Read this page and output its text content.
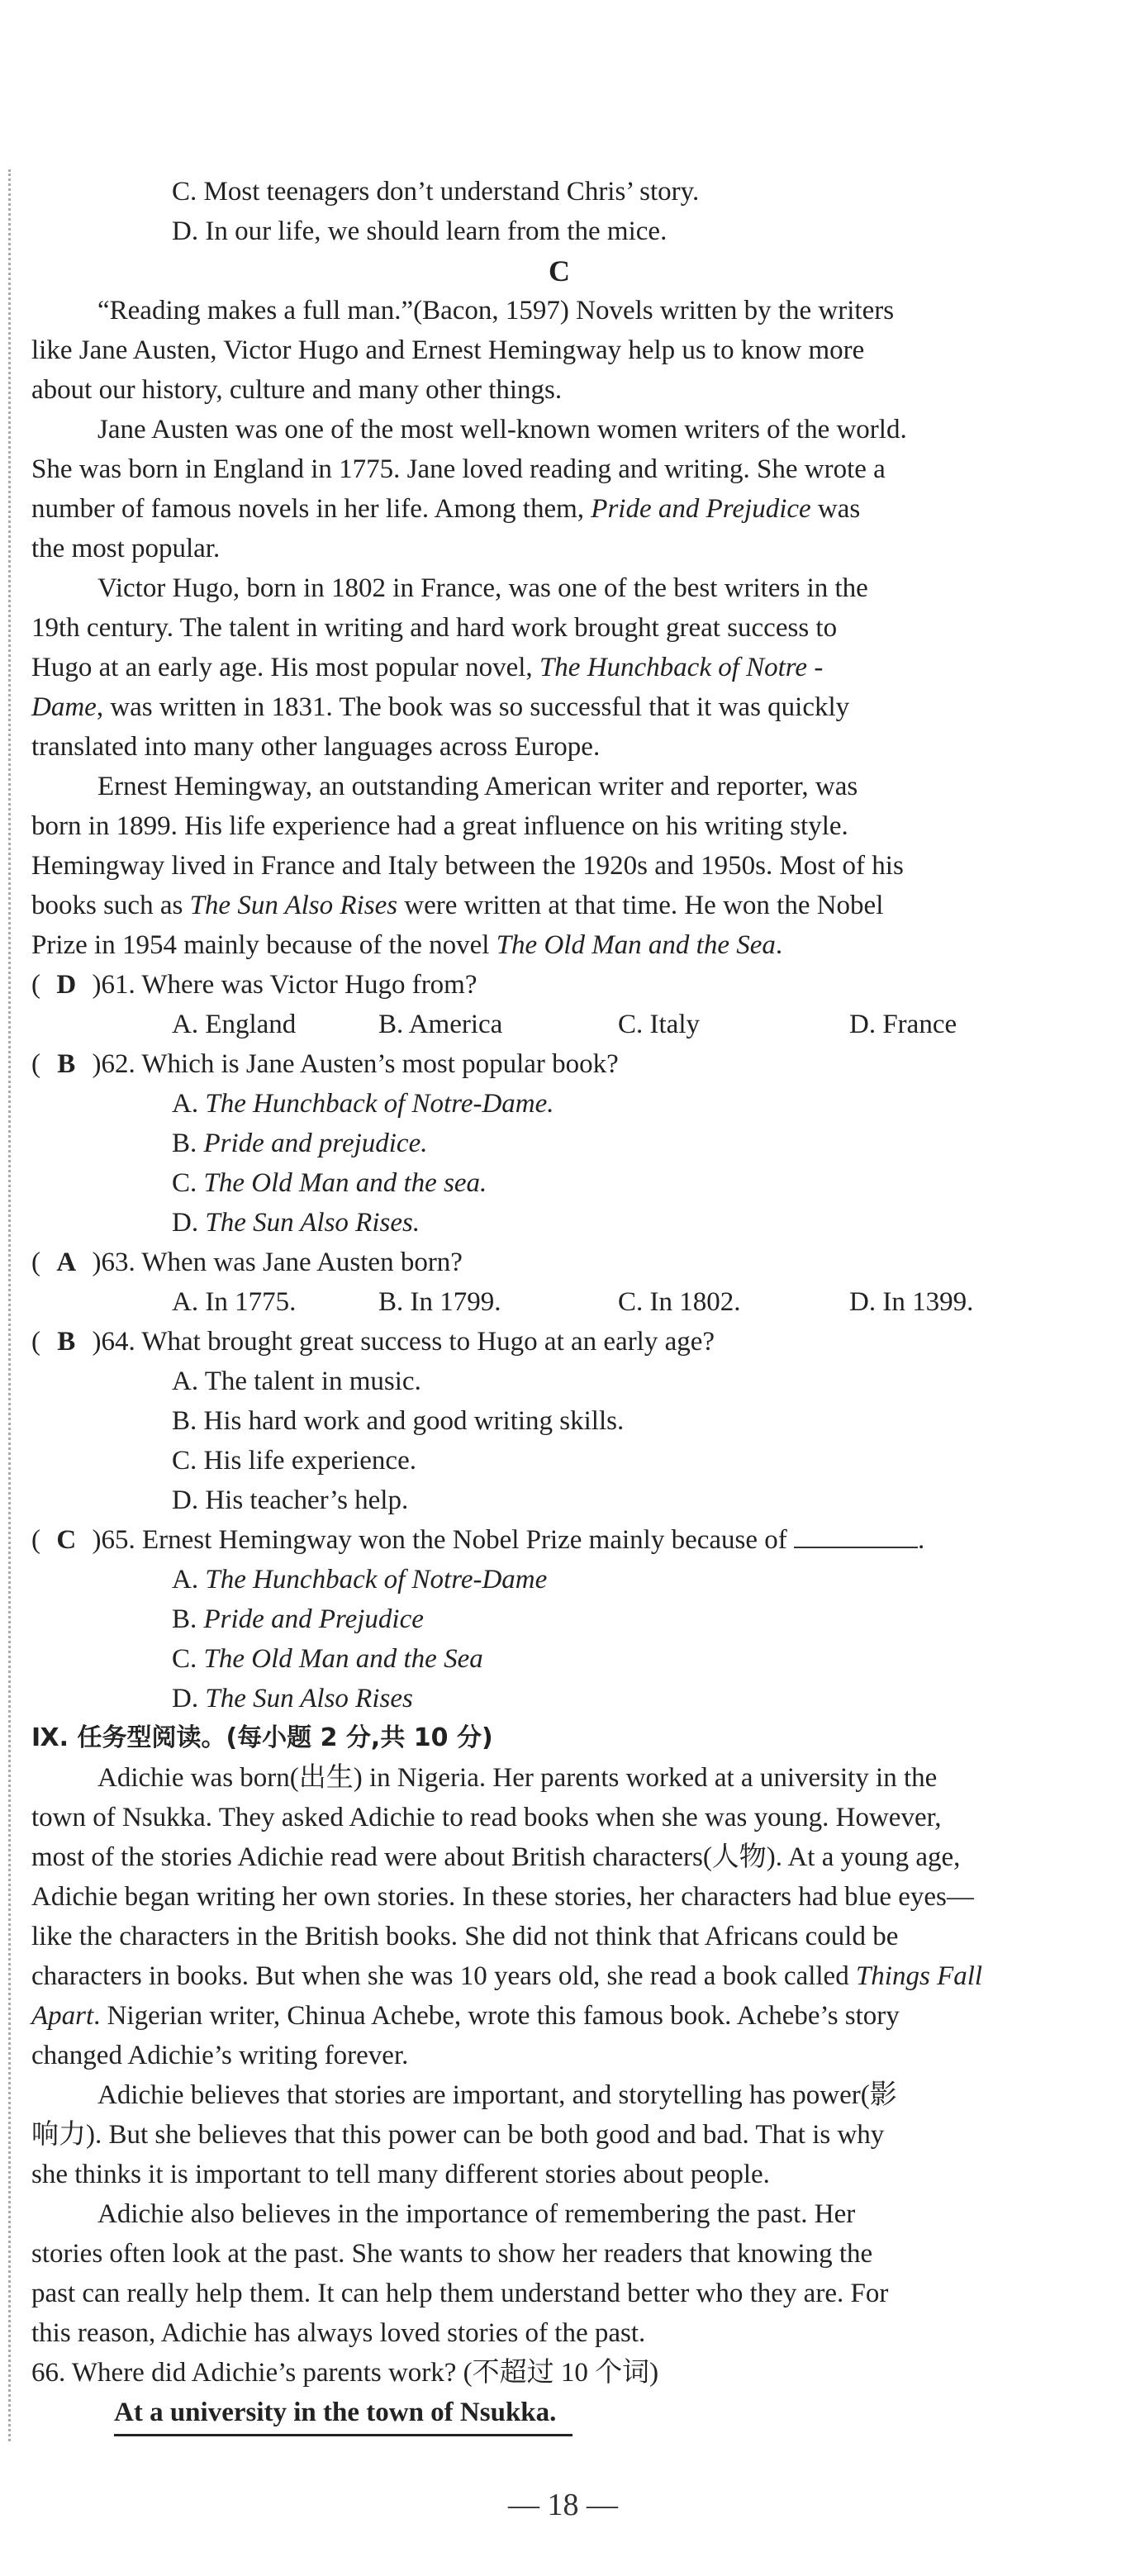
C. Most teenagers don’t understand Chris’ story.
D. In our life, we should learn from the mice.
C
“Reading makes a full man.”(Bacon, 1597) Novels written by the writers
like Jane Austen, Victor Hugo and Ernest Hemingway help us to know more
about our history, culture and many other things.
Jane Austen was one of the most well-known women writers of the world.
She was born in England in 1775. Jane loved reading and writing. She wrote a
number of famous novels in her life. Among them, Pride and Prejudice was
the most popular.
Victor Hugo, born in 1802 in France, was one of the best writers in the
19th century. The talent in writing and hard work brought great success to
Hugo at an early age. His most popular novel, The Hunchback of Notre -
Dame, was written in 1831. The book was so successful that it was quickly
translated into many other languages across Europe.
Ernest Hemingway, an outstanding American writer and reporter, was
born in 1899. His life experience had a great influence on his writing style.
Hemingway lived in France and Italy between the 1920s and 1950s. Most of his
books such as The Sun Also Rises were written at that time. He won the Nobel
Prize in 1954 mainly because of the novel The Old Man and the Sea.
( D )61. Where was Victor Hugo from?
A. England	B. America	C. Italy	D. France
( B )62. Which is Jane Austen’s most popular book?
A. The Hunchback of Notre-Dame.
B. Pride and prejudice.
C. The Old Man and the sea.
D. The Sun Also Rises.
( A )63. When was Jane Austen born?
A. In 1775.	B. In 1799.	C. In 1802.	D. In 1399.
( B )64. What brought great success to Hugo at an early age?
A. The talent in music.
B. His hard work and good writing skills.
C. His life experience.
D. His teacher’s help.
( C )65. Ernest Hemingway won the Nobel Prize mainly because of	.
A. The Hunchback of Notre-Dame
B. Pride and Prejudice
C. The Old Man and the Sea
D. The Sun Also Rises
Ⅸ. 任务型阅读。(每小题 2 分,共 10 分)
Adichie was born(出生) in Nigeria. Her parents worked at a university in the
town of Nsukka. They asked Adichie to read books when she was young. However,
most of the stories Adichie read were about British characters(人物). At a young age,
Adichie began writing her own stories. In these stories, her characters had blue eyes—
like the characters in the British books. She did not think that Africans could be
characters in books. But when she was 10 years old, she read a book called Things Fall
Apart. Nigerian writer, Chinua Achebe, wrote this famous book. Achebe’s story
changed Adichie’s writing forever.
Adichie believes that stories are important, and storytelling has power(影
响力). But she believes that this power can be both good and bad. That is why
she thinks it is important to tell many different stories about people.
Adichie also believes in the importance of remembering the past. Her
stories often look at the past. She wants to show her readers that knowing the
past can really help them. It can help them understand better who they are. For
this reason, Adichie has always loved stories of the past.
66. Where did Adichie’s parents work? (不超过 10 个词)
At a university in the town of Nsukka.
— 18 —
